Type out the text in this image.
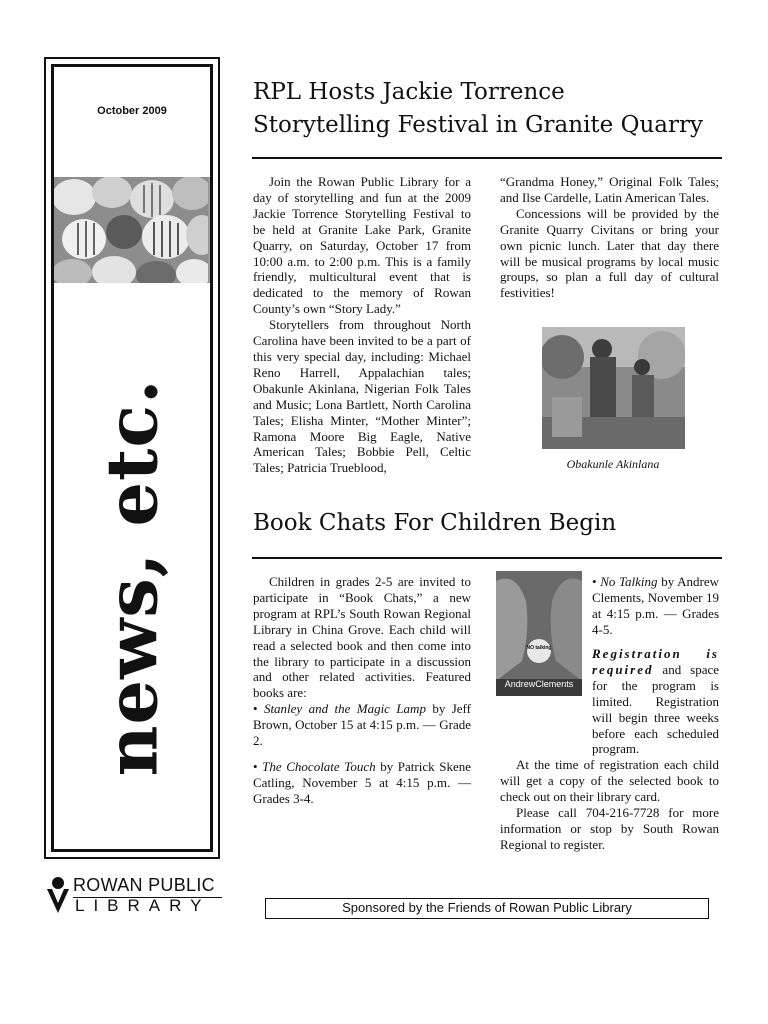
October 2009
news, etc.
ROWAN PUBLIC
LIBRARY
RPL Hosts Jackie Torrence
Storytelling Festival in Granite Quarry

Join the Rowan Public Library for a day of storytelling and fun at the 2009 Jackie Torrence Storytelling Festival to be held at Granite Lake Park, Granite Quarry, on Saturday, October 17 from 10:00 a.m. to 2:00 p.m. This is a family friendly, multicultural event that is dedicated to the memory of Rowan County’s own “Story Lady.”

Storytellers from throughout North Carolina have been invited to be a part of this very special day, including: Michael Reno Harrell, Appalachian tales; Obakunle Akinlana, Nigerian Folk Tales and Music; Lona Bartlett, North Carolina Tales; Elisha Minter, “Mother Minter”; Ramona Moore Big Eagle, Native American Tales; Bobbie Pell, Celtic Tales; Patricia Trueblood,

“Grandma Honey,” Original Folk Tales; and Ilse Cardelle, Latin American Tales.

Concessions will be provided by the Granite Quarry Civitans or bring your own picnic lunch. Later that day there will be musical programs by local music groups, so plan a full day of cultural festivities!

Obakunle Akinlana
Book Chats For Children Begin

Children in grades 2-5 are invited to participate in “Book Chats,” a new program at RPL’s South Rowan Regional Library in China Grove. Each child will read a selected book and then come into the library to participate in a discussion and other related activities. Featured books are:

• Stanley and the Magic Lamp by Jeff Brown, October 15 at 4:15 p.m. — Grade 2.

• The Chocolate Touch by Patrick Skene Catling, November 5 at 4:15 p.m. — Grades 3-4.

AndrewClements
NO talking

• No Talking by Andrew Clements, November 19 at 4:15 p.m. — Grades 4-5.

Registration is required and space for the program is limited. Registration will begin three weeks before each scheduled program.

At the time of registration each child will get a copy of the selected book to check out on their library card.

Please call 704-216-7728 for more information or stop by South Rowan Regional to register.

Sponsored by the Friends of Rowan Public Library
